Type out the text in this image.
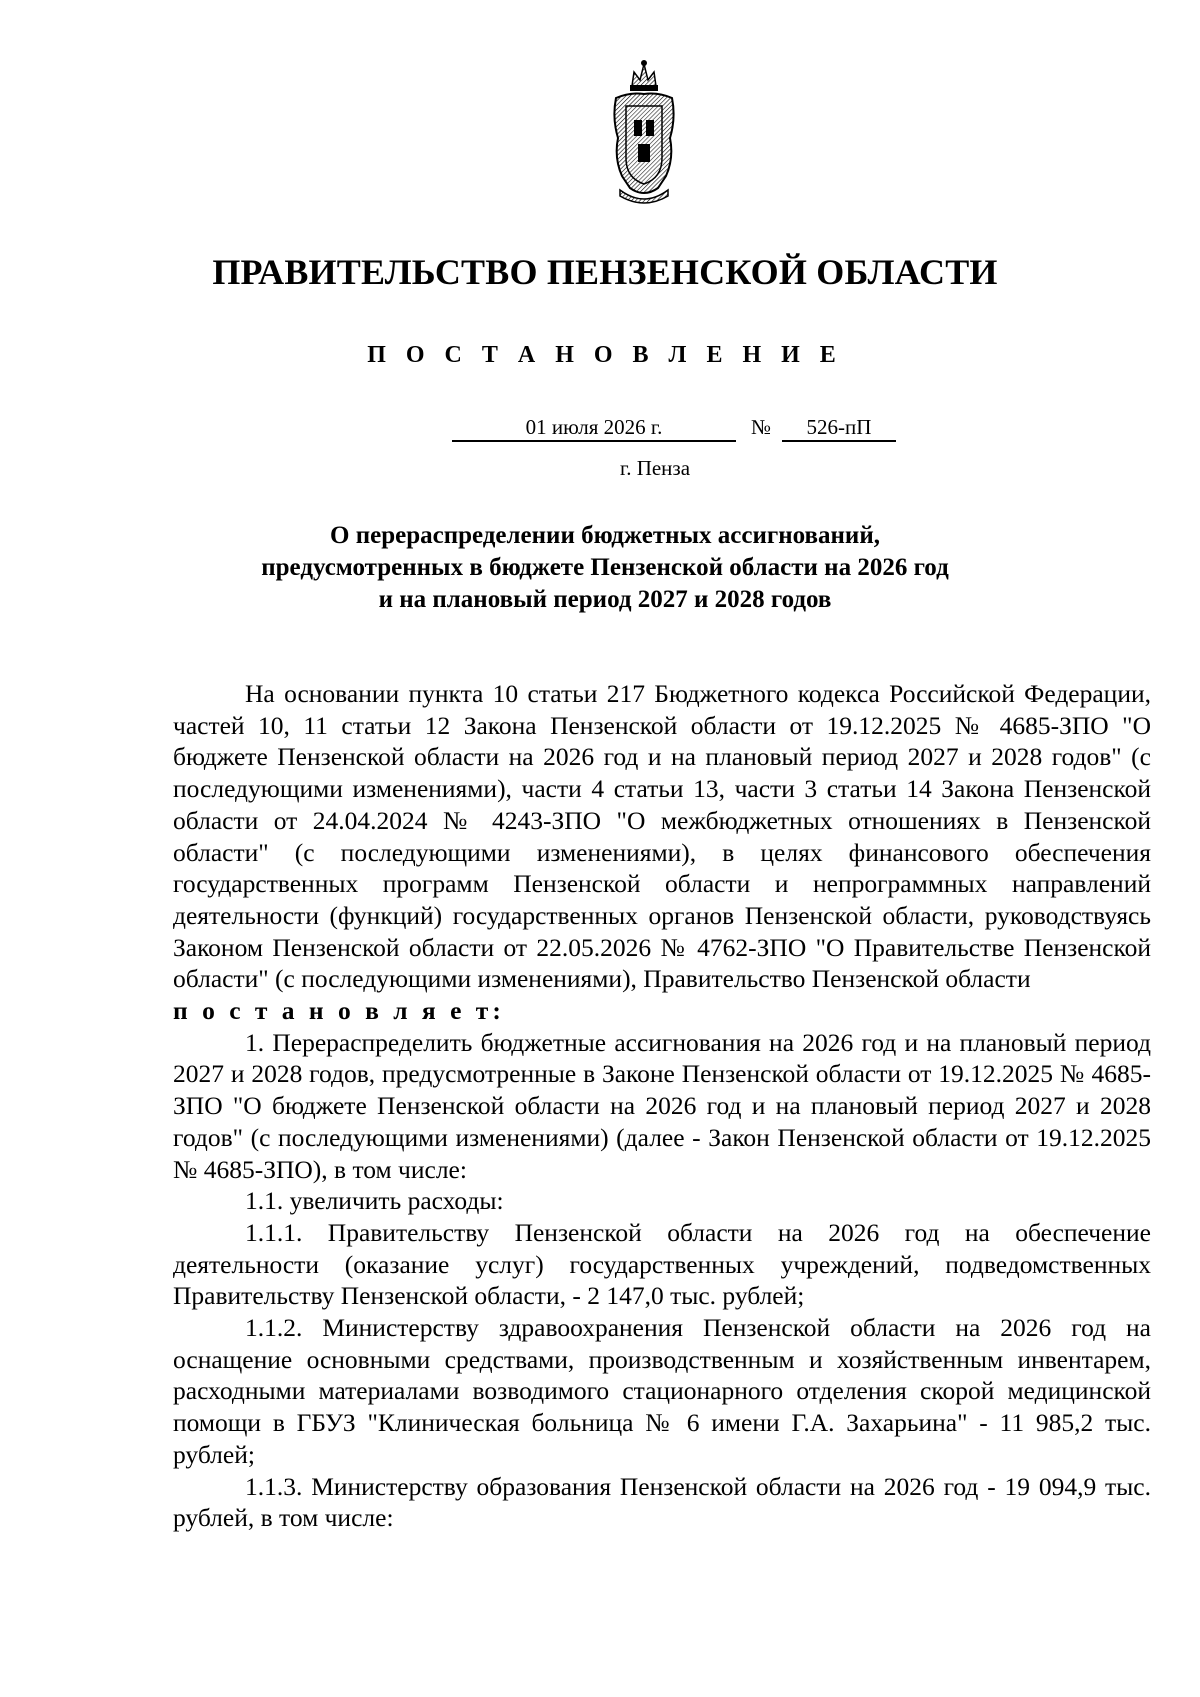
ПРАВИТЕЛЬСТВО ПЕНЗЕНСКОЙ ОБЛАСТИ
П О С Т А Н О В Л Е Н И Е
01 июля 2026 г.	№	526-пП
г. Пенза
О перераспределении бюджетных ассигнований,
предусмотренных в бюджете Пензенской области на 2026 год
и на плановый период 2027 и 2028 годов

На основании пункта 10 статьи 217 Бюджетного кодекса Российской Федерации, частей 10, 11 статьи 12 Закона Пензенской области от 19.12.2025 № 4685-ЗПО "О бюджете Пензенской области на 2026 год и на плановый период 2027 и 2028 годов" (с последующими изменениями), части 4 статьи 13, части 3 статьи 14 Закона Пензенской области от 24.04.2024 № 4243-ЗПО "О межбюджетных отношениях в Пензенской области" (с последующими изменениями), в целях финансового обеспечения государственных программ Пензенской области и непрограммных направлений деятельности (функций) государственных органов Пензенской области, руководствуясь Законом Пензенской области от 22.05.2026 № 4762-ЗПО "О Правительстве Пензенской области" (с последующими изменениями), Правительство Пензенской области

п о с т а н о в л я е т:

1. Перераспределить бюджетные ассигнования на 2026 год и на плановый период 2027 и 2028 годов, предусмотренные в Законе Пензенской области от 19.12.2025 № 4685-ЗПО "О бюджете Пензенской области на 2026 год и на плановый период 2027 и 2028 годов" (с последующими изменениями) (далее - Закон Пензенской области от 19.12.2025 № 4685-ЗПО), в том числе:

1.1. увеличить расходы:

1.1.1. Правительству Пензенской области на 2026 год на обеспечение деятельности (оказание услуг) государственных учреждений, подведомственных Правительству Пензенской области, - 2 147,0 тыс. рублей;

1.1.2. Министерству здравоохранения Пензенской области на 2026 год на оснащение основными средствами, производственным и хозяйственным инвентарем, расходными материалами возводимого стационарного отделения скорой медицинской помощи в ГБУЗ "Клиническая больница № 6 имени Г.А. Захарьина" - 11 985,2 тыс. рублей;

1.1.3. Министерству образования Пензенской области на 2026 год - 19 094,9 тыс. рублей, в том числе:
